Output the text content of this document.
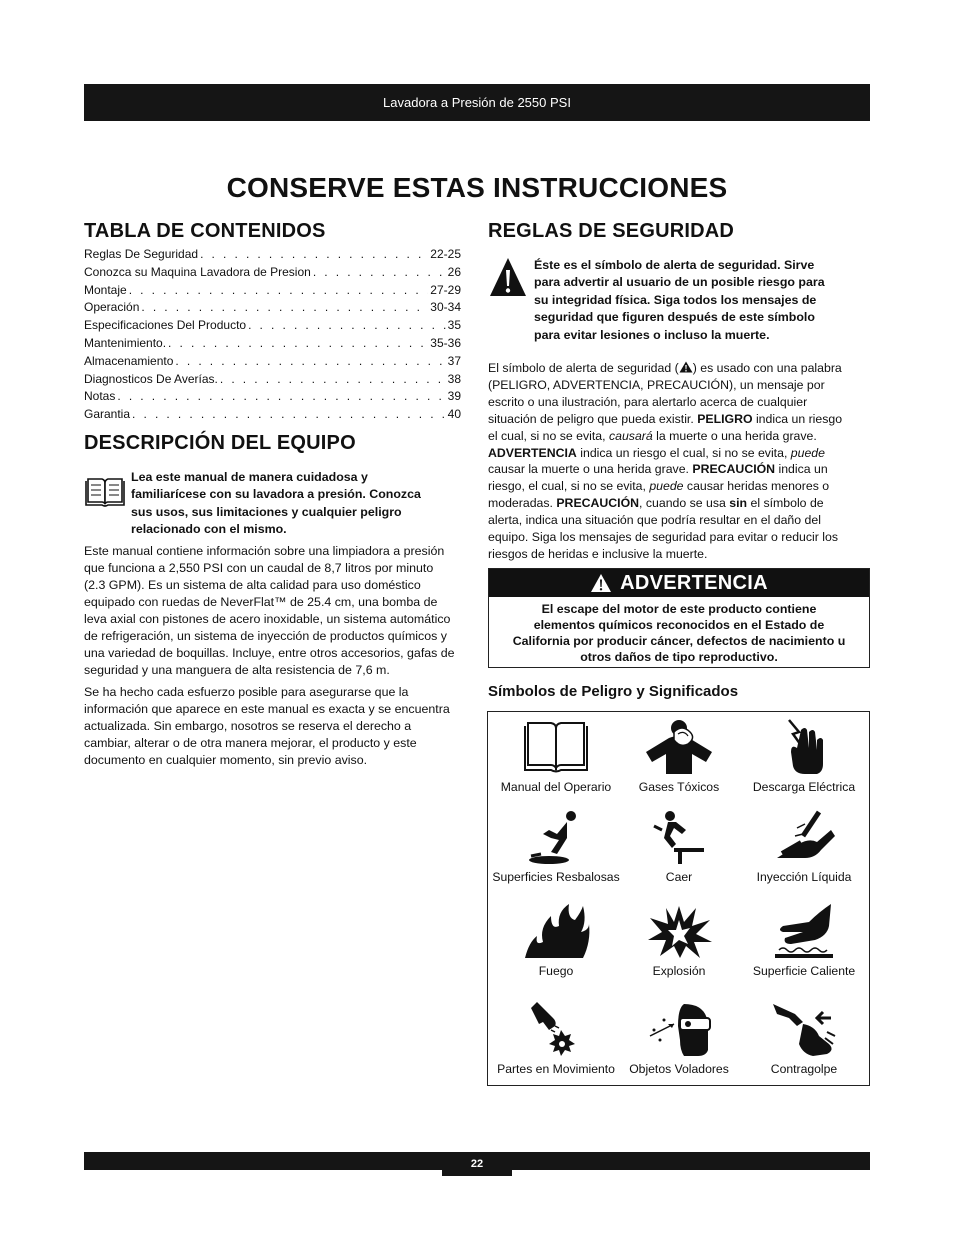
Lavadora a Presión de 2550 PSI
CONSERVE ESTAS INSTRUCCIONES
TABLA DE CONTENIDOS
Reglas De Seguridad . . .	22-25
Conozca su Maquina Lavadora de Presion . . .	26
Montaje . . .	27-29
Operación . . .	30-34
Especificaciones Del Producto . . .	35
Mantenimiento. . . .	35-36
Almacenamiento . . .	37
Diagnosticos De Averías. . . .	38
Notas . . .	39
Garantia . . .	40
DESCRIPCIÓN DEL EQUIPO
Lea este manual de manera cuidadosa y
familiarícese con su lavadora a presión. Conozca
sus usos, sus limitaciones y cualquier peligro
relacionado con el mismo.
Este manual contiene información sobre una limpiadora a presión
que funciona a 2,550 PSI con un caudal de 8,7 litros por minuto
(2.3 GPM). Es un sistema de alta calidad para uso doméstico
equipado con ruedas de NeverFlat™ de 25.4 cm, una bomba de
leva axial con pistones de acero inoxidable, un sistema automático
de refrigeración, un sistema de inyección de productos químicos y
una variedad de boquillas. Incluye, entre otros accesorios, gafas de
seguridad y una manguera de alta resistencia de 7,6 m.
Se ha hecho cada esfuerzo posible para asegurarse que la
información que aparece en este manual es exacta y se encuentra
actualizada. Sin embargo, nosotros se reserva el derecho a
cambiar, alterar o de otra manera mejorar, el producto y este
documento en cualquier momento, sin previo aviso.
REGLAS DE SEGURIDAD
Éste es el símbolo de alerta de seguridad. Sirve
para advertir al usuario de un posible riesgo para
su integridad física. Siga todos los mensajes de
seguridad que figuren después de este símbolo
para evitar lesiones o incluso la muerte.
El símbolo de alerta de seguridad ( ) es usado con una palabra
(PELIGRO, ADVERTENCIA, PRECAUCIÓN), un mensaje por
escrito o una ilustración, para alertarlo acerca de cualquier
situación de peligro que pueda existir. PELIGRO indica un riesgo
el cual, si no se evita, causará la muerte o una herida grave.
ADVERTENCIA indica un riesgo el cual, si no se evita, puede
causar la muerte o una herida grave. PRECAUCIÓN indica un
riesgo, el cual, si no se evita, puede causar heridas menores o
moderadas. PRECAUCIÓN, cuando se usa sin el símbolo de
alerta, indica una situación que podría resultar en el daño del
equipo. Siga los mensajes de seguridad para evitar o reducir los
riesgos de heridas e inclusive la muerte.
ADVERTENCIA
El escape del motor de este producto contiene
elementos químicos reconocidos en el Estado de
California por producir cáncer, defectos de nacimiento u
otros daños de tipo reproductivo.
Símbolos de Peligro y Significados
Manual del Operario	Gases Tóxicos	Descarga Eléctrica
Superficies Resbalosas	Caer	Inyección Líquida
Fuego	Explosión	Superficie Caliente
Partes en Movimiento	Objetos Voladores	Contragolpe
22
